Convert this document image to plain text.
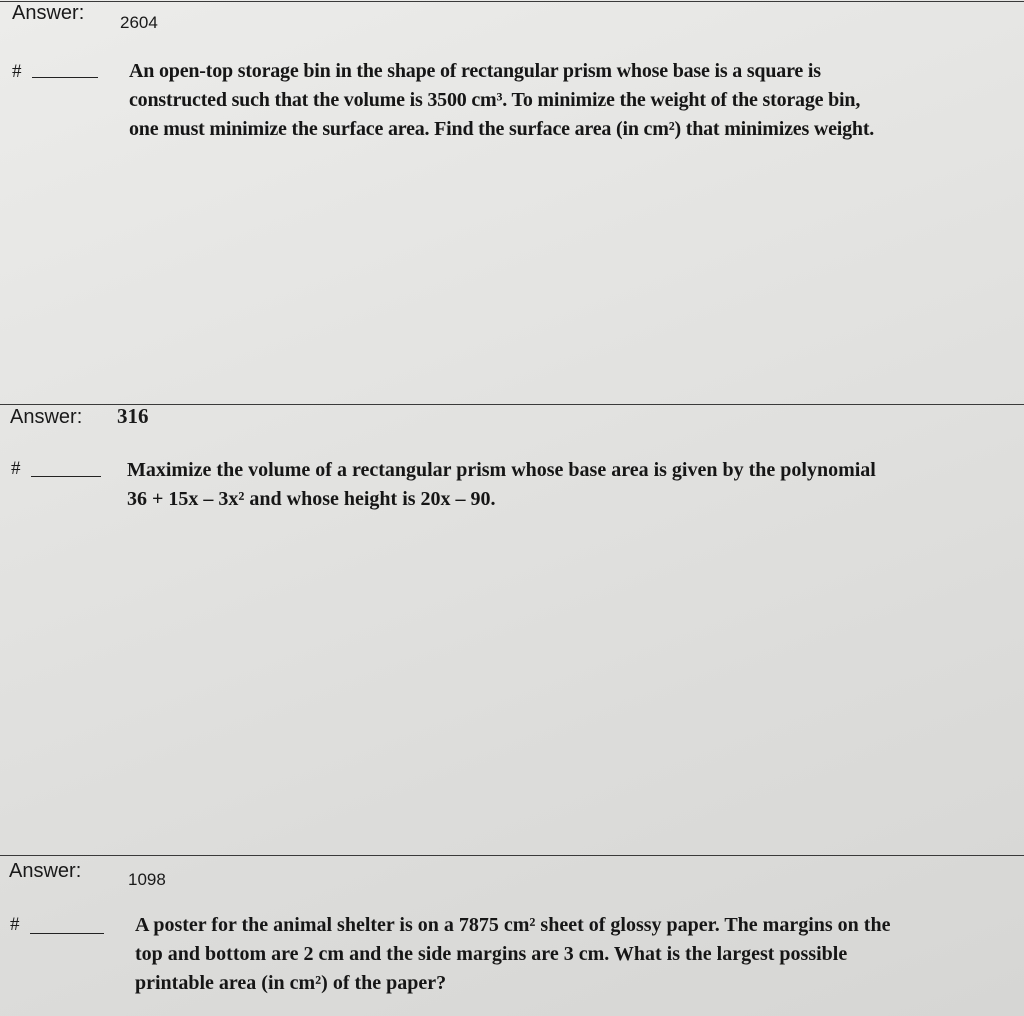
Answer: 2604
#	An open-top storage bin in the shape of rectangular prism whose base is a square is
constructed such that the volume is 3500 cm³. To minimize the weight of the storage bin,
one must minimize the surface area. Find the surface area (in cm²) that minimizes weight.
Answer: 316
#	Maximize the volume of a rectangular prism whose base area is given by the polynomial
36 + 15x – 3x² and whose height is 20x – 90.
Answer:	1098
#	A poster for the animal shelter is on a 7875 cm² sheet of glossy paper. The margins on the
top and bottom are 2 cm and the side margins are 3 cm. What is the largest possible
printable area (in cm²) of the paper?
